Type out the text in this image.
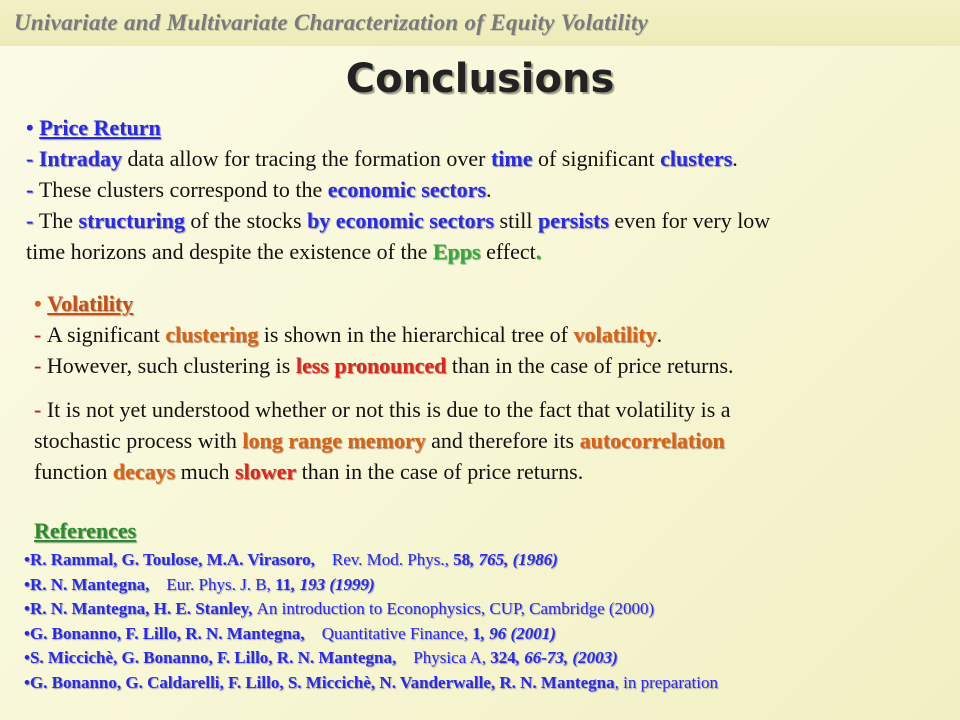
Univariate and Multivariate Characterization of Equity Volatility
Conclusions
• Price Return
- Intraday data allow for tracing the formation over time of significant clusters.
- These clusters correspond to the economic sectors.
- The structuring of the stocks by economic sectors still persists even for very low
time horizons and despite the existence of the Epps effect.
• Volatility
- A significant clustering is shown in the hierarchical tree of volatility.
- However, such clustering is less pronounced than in the case of price returns.
- It is not yet understood whether or not this is due to the fact that volatility is a
stochastic process with long range memory and therefore its autocorrelation
function decays much slower than in the case of price returns.
References
•R. Rammal, G. Toulose, M.A. Virasoro, Rev. Mod. Phys., 58, 765, (1986)
•R. N. Mantegna, Eur. Phys. J. B, 11, 193 (1999)
•R. N. Mantegna, H. E. Stanley, An introduction to Econophysics, CUP, Cambridge (2000)
•G. Bonanno, F. Lillo, R. N. Mantegna, Quantitative Finance, 1, 96 (2001)
•S. Miccichè, G. Bonanno, F. Lillo, R. N. Mantegna, Physica A, 324, 66-73, (2003)
•G. Bonanno, G. Caldarelli, F. Lillo, S. Miccichè, N. Vanderwalle, R. N. Mantegna, in preparation
